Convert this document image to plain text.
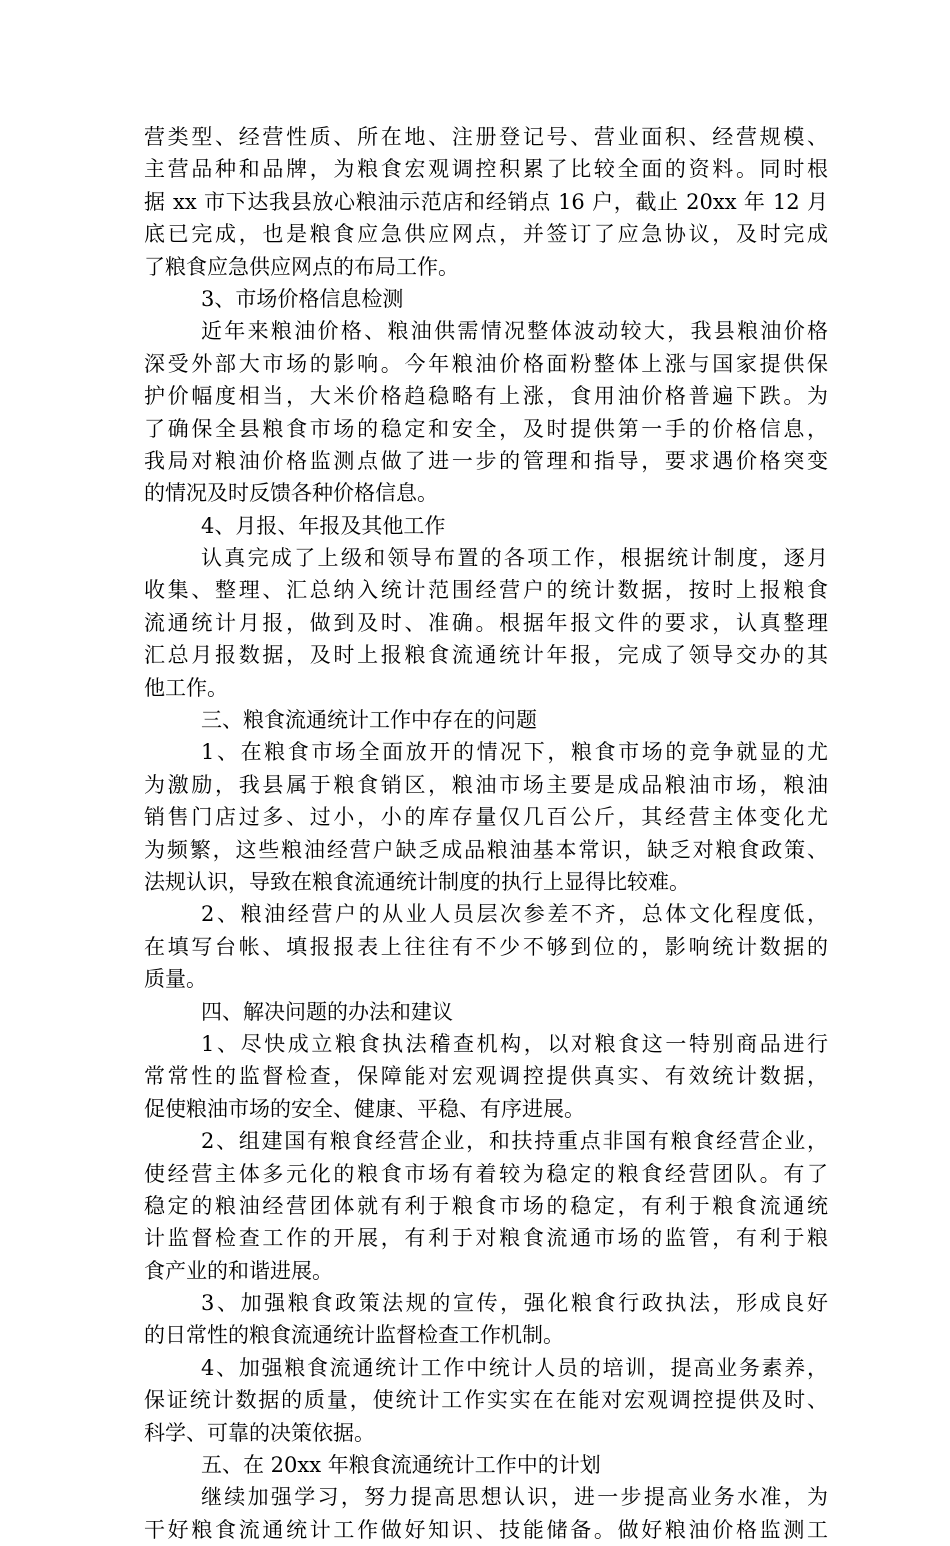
营类型、经营性质、所在地、注册登记号、营业面积、经营规模、
主营品种和品牌，为粮食宏观调控积累了比较全面的资料。同时根
据 xx 市下达我县放心粮油示范店和经销点 16 户，截止 20xx 年 12 月
底已完成，也是粮食应急供应网点，并签订了应急协议，及时完成
了粮食应急供应网点的布局工作。
3、市场价格信息检测
近年来粮油价格、粮油供需情况整体波动较大，我县粮油价格
深受外部大市场的影响。今年粮油价格面粉整体上涨与国家提供保
护价幅度相当，大米价格趋稳略有上涨，食用油价格普遍下跌。为
了确保全县粮食市场的稳定和安全，及时提供第一手的价格信息，
我局对粮油价格监测点做了进一步的管理和指导，要求遇价格突变
的情况及时反馈各种价格信息。
4、月报、年报及其他工作
认真完成了上级和领导布置的各项工作，根据统计制度，逐月
收集、整理、汇总纳入统计范围经营户的统计数据，按时上报粮食
流通统计月报，做到及时、准确。根据年报文件的要求，认真整理
汇总月报数据，及时上报粮食流通统计年报，完成了领导交办的其
他工作。
三、粮食流通统计工作中存在的问题
1、在粮食市场全面放开的情况下，粮食市场的竞争就显的尤
为激励，我县属于粮食销区，粮油市场主要是成品粮油市场，粮油
销售门店过多、过小，小的库存量仅几百公斤，其经营主体变化尤
为频繁，这些粮油经营户缺乏成品粮油基本常识，缺乏对粮食政策、
法规认识，导致在粮食流通统计制度的执行上显得比较难。
2、粮油经营户的从业人员层次参差不齐，总体文化程度低，
在填写台帐、填报报表上往往有不少不够到位的，影响统计数据的
质量。
四、解决问题的办法和建议
1、尽快成立粮食执法稽查机构，以对粮食这一特别商品进行
常常性的监督检查，保障能对宏观调控提供真实、有效统计数据，
促使粮油市场的安全、健康、平稳、有序进展。
2、组建国有粮食经营企业，和扶持重点非国有粮食经营企业，
使经营主体多元化的粮食市场有着较为稳定的粮食经营团队。有了
稳定的粮油经营团体就有利于粮食市场的稳定，有利于粮食流通统
计监督检查工作的开展，有利于对粮食流通市场的监管，有利于粮
食产业的和谐进展。
3、加强粮食政策法规的宣传，强化粮食行政执法，形成良好
的日常性的粮食流通统计监督检查工作机制。
4、加强粮食流通统计工作中统计人员的培训，提高业务素养，
保证统计数据的质量，使统计工作实实在在能对宏观调控提供及时、
科学、可靠的决策依据。
五、在 20xx 年粮食流通统计工作中的计划
继续加强学习，努力提高思想认识，进一步提高业务水准，为
干好粮食流通统计工作做好知识、技能储备。做好粮油价格监测工
